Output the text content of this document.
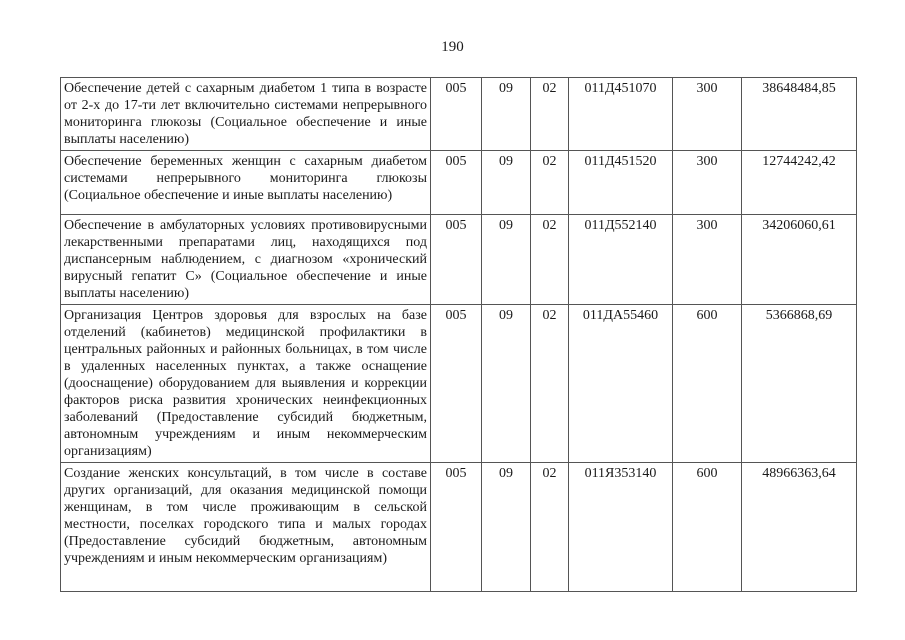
190
Обеспечение детей с сахарным диабетом 1 типа в возрасте от 2-х до 17-ти лет включительно системами непрерывного мониторинга глюкозы (Социальное обеспечение и иные выплаты населению)	005	09	02	011Д451070	300	38648484,85
Обеспечение беременных женщин с сахарным диабетом системами непрерывного мониторинга глюкозы (Социальное обеспечение и иные выплаты населению)	005	09	02	011Д451520	300	12744242,42
Обеспечение в амбулаторных условиях противовирусными лекарственными препаратами лиц, находящихся под диспансерным наблюдением, с диагнозом «хронический вирусный гепатит С» (Социальное обеспечение и иные выплаты населению)	005	09	02	011Д552140	300	34206060,61
Организация Центров здоровья для взрослых на базе отделений (кабинетов) медицинской профилактики в центральных районных и районных больницах, в том числе в удаленных населенных пунктах, а также оснащение (дооснащение) оборудованием для выявления и коррекции факторов риска развития хронических неинфекционных заболеваний (Предоставление субсидий бюджетным, автономным учреждениям и иным некоммерческим организациям)	005	09	02	011ДА55460	600	5366868,69
Создание женских консультаций, в том числе в составе других организаций, для оказания медицинской помощи женщинам, в том числе проживающим в сельской местности, поселках городского типа и малых городах (Предоставление субсидий бюджетным, автономным учреждениям и иным некоммерческим организациям)	005	09	02	011Я353140	600	48966363,64
